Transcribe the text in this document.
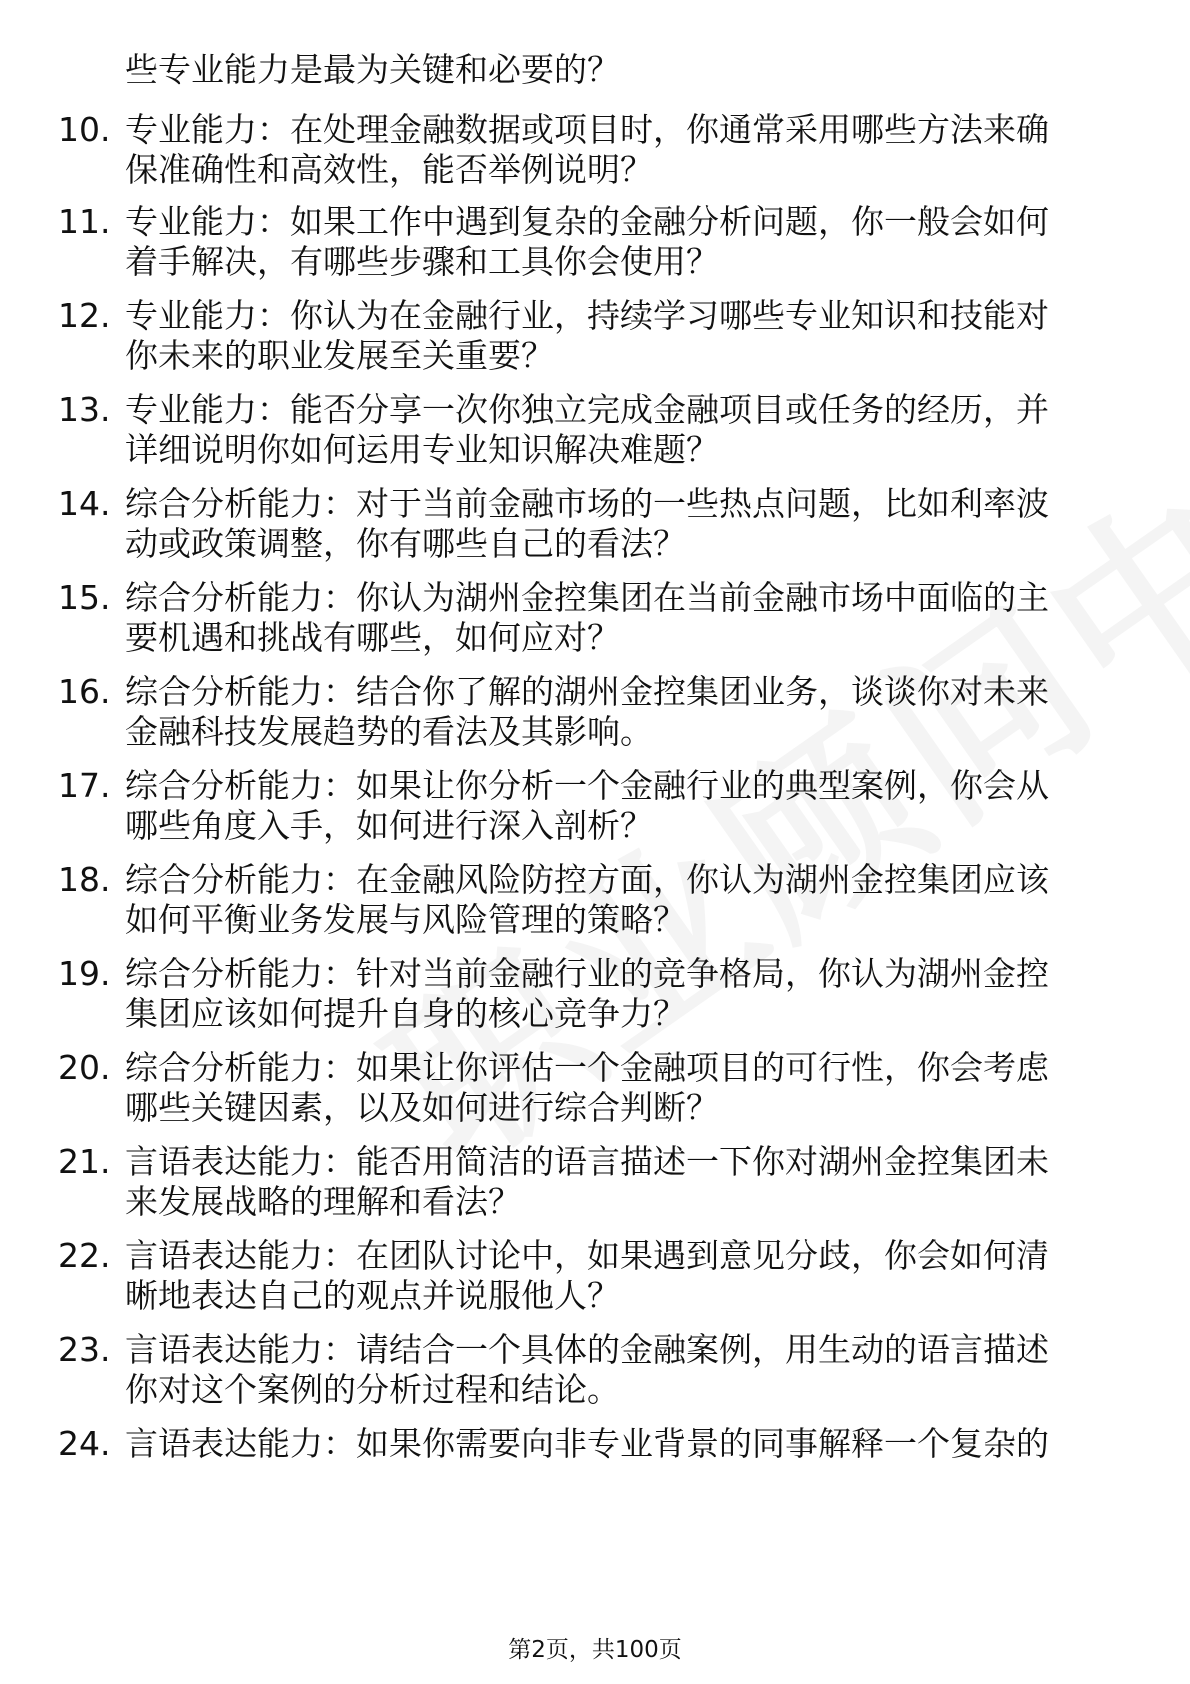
些专业能力是最为关键和必要的？
10. 专业能力：在处理金融数据或项目时，你通常采用哪些方法来确
保准确性和高效性，能否举例说明？
11. 专业能力：如果工作中遇到复杂的金融分析问题，你一般会如何
着手解决，有哪些步骤和工具你会使用？
12. 专业能力：你认为在金融行业，持续学习哪些专业知识和技能对
你未来的职业发展至关重要？
13. 专业能力：能否分享一次你独立完成金融项目或任务的经历，并
详细说明你如何运用专业知识解决难题？
14. 综合分析能力：对于当前金融市场的一些热点问题，比如利率波
动或政策调整，你有哪些自己的看法？
15. 综合分析能力：你认为湖州金控集团在当前金融市场中面临的主
要机遇和挑战有哪些，如何应对？
16. 综合分析能力：结合你了解的湖州金控集团业务，谈谈你对未来
金融科技发展趋势的看法及其影响。
17. 综合分析能力：如果让你分析一个金融行业的典型案例，你会从
哪些角度入手，如何进行深入剖析？
18. 综合分析能力：在金融风险防控方面，你认为湖州金控集团应该
如何平衡业务发展与风险管理的策略？
19. 综合分析能力：针对当前金融行业的竞争格局，你认为湖州金控
集团应该如何提升自身的核心竞争力？
20. 综合分析能力：如果让你评估一个金融项目的可行性，你会考虑
哪些关键因素，以及如何进行综合判断？
21. 言语表达能力：能否用简洁的语言描述一下你对湖州金控集团未
来发展战略的理解和看法？
22. 言语表达能力：在团队讨论中，如果遇到意见分歧，你会如何清
晰地表达自己的观点并说服他人？
23. 言语表达能力：请结合一个具体的金融案例，用生动的语言描述
你对这个案例的分析过程和结论。
24. 言语表达能力：如果你需要向非专业背景的同事解释一个复杂的
第2页，共100页
